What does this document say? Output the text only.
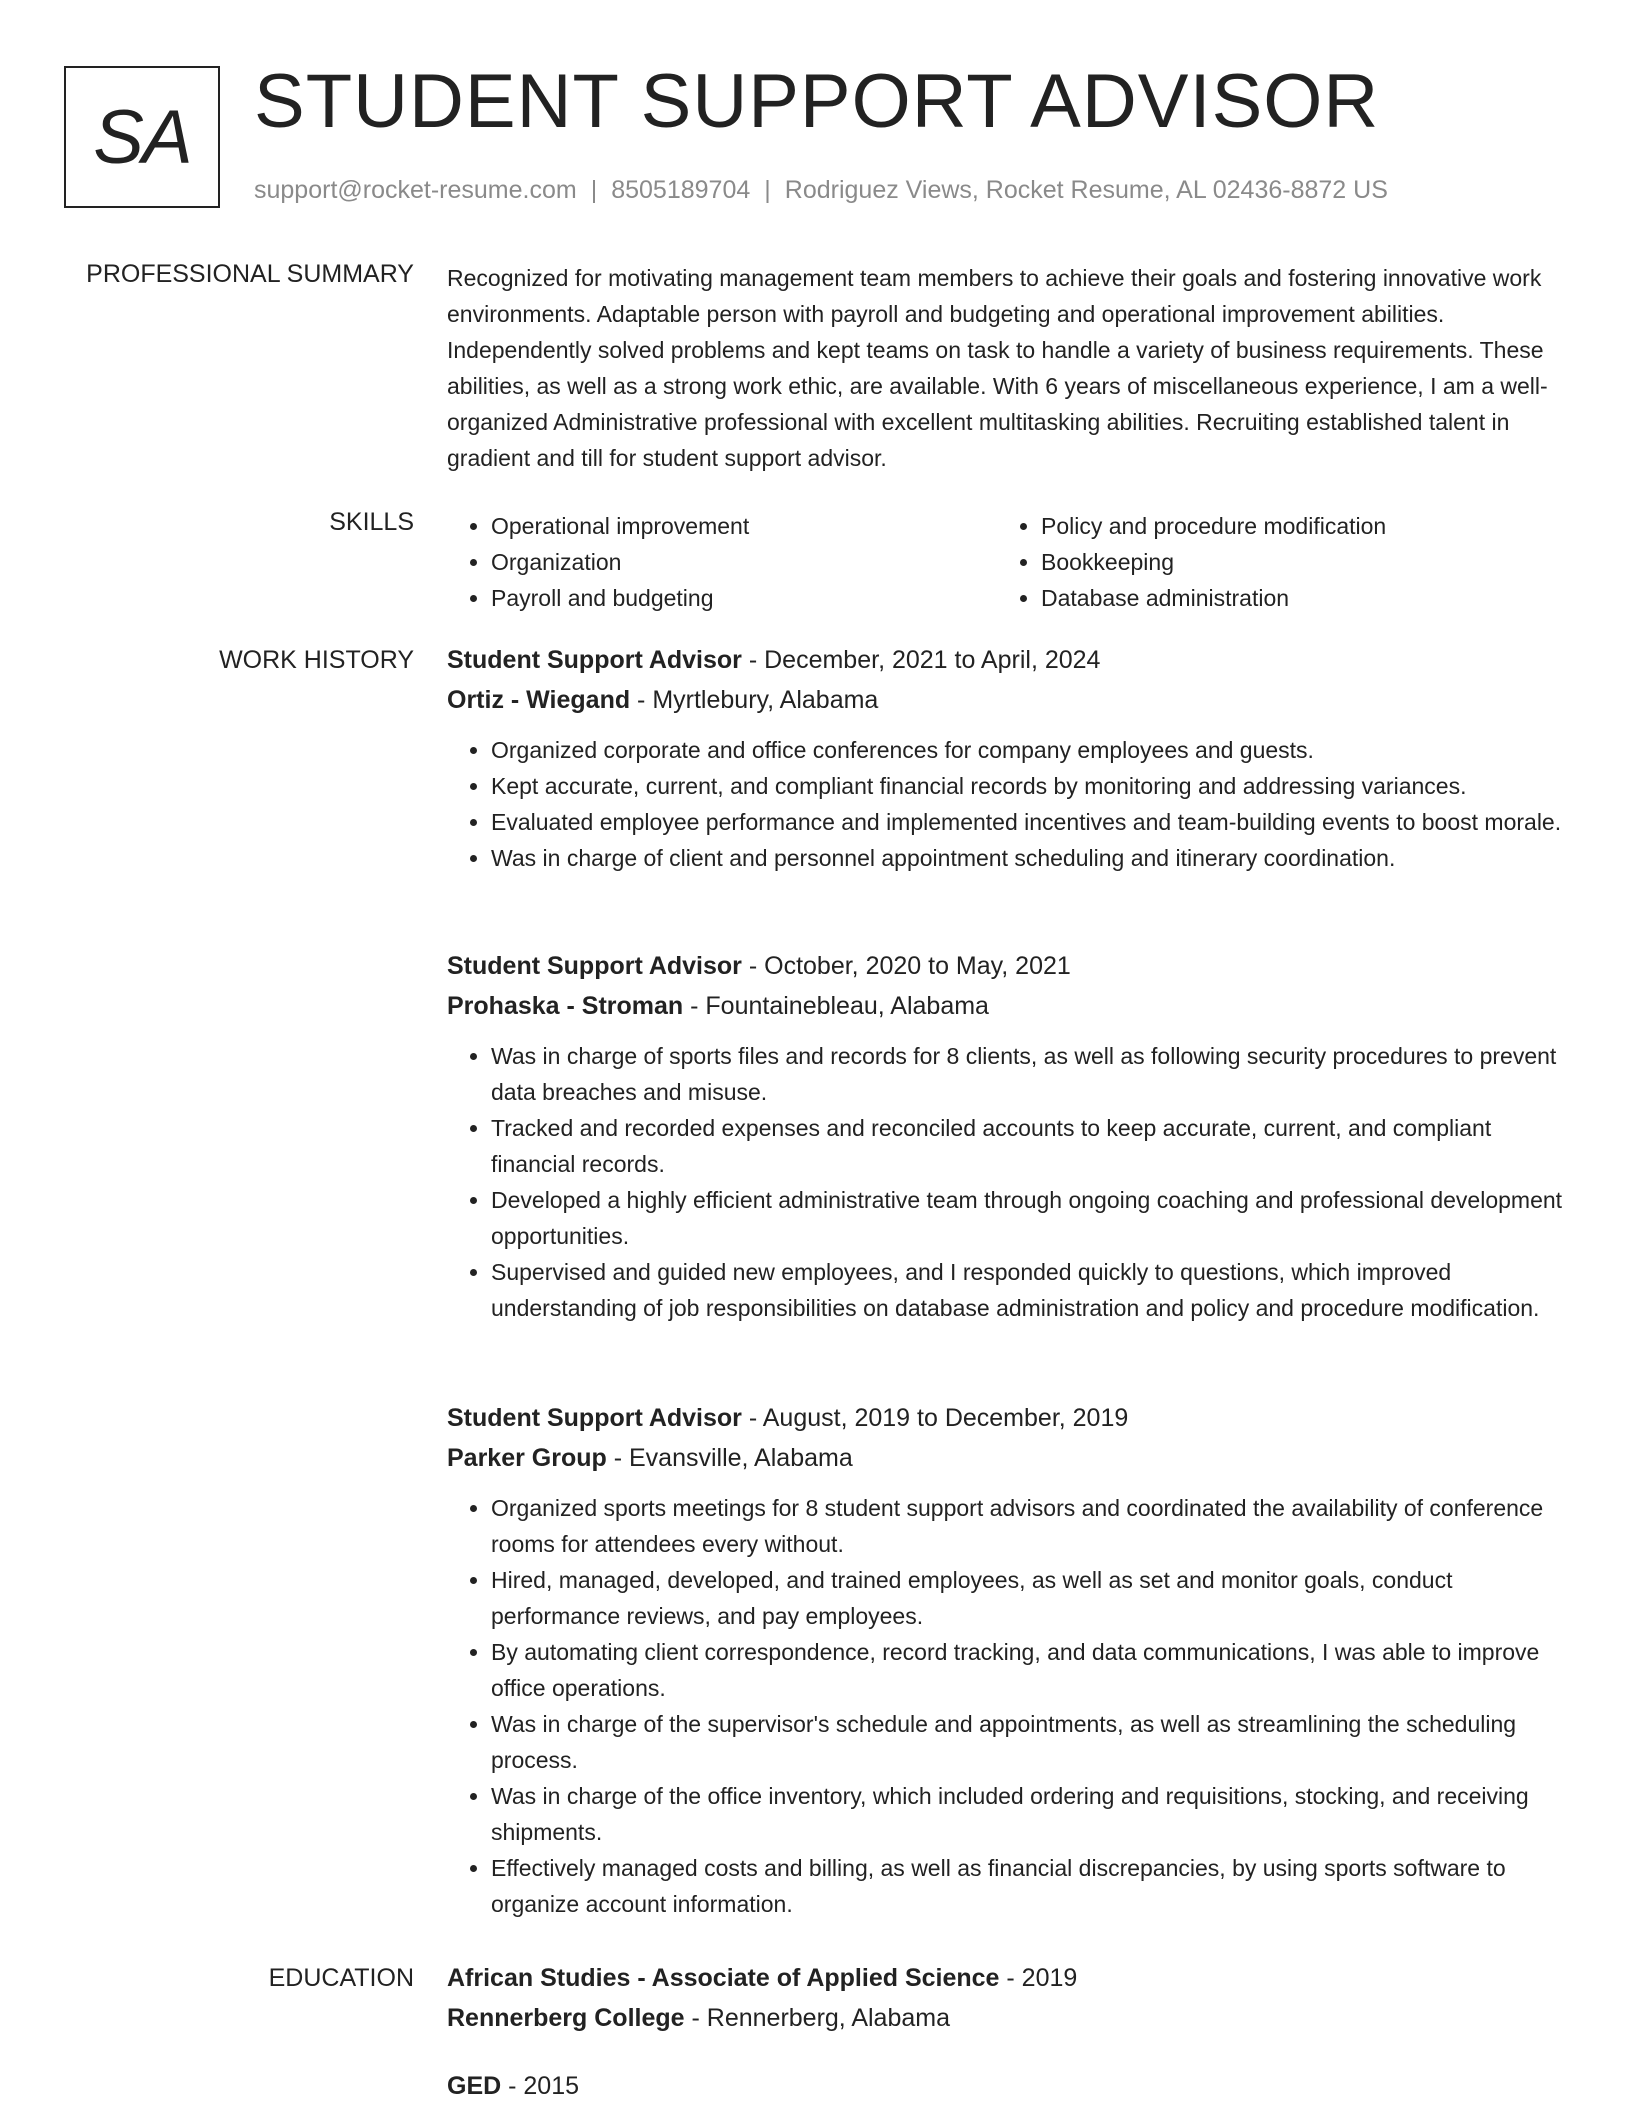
SA STUDENT SUPPORT ADVISOR
support@rocket-resume.com | 8505189704 | Rodriguez Views, Rocket Resume, AL 02436-8872 US
PROFESSIONAL SUMMARY Recognized for motivating management team members to achieve their goals and fostering innovative work environments. Adaptable person with payroll and budgeting and operational improvement abilities. Independently solved problems and kept teams on task to handle a variety of business requirements. These abilities, as well as a strong work ethic, are available. With 6 years of miscellaneous experience, I am a well-organized Administrative professional with excellent multitasking abilities. Recruiting established talent in gradient and till for student support advisor.

SKILLS
•	Operational improvement
• Organization
• Payroll and budgeting
• Policy and procedure modification
• Bookkeeping
• Database administration
WORK HISTORY Student Support Advisor - December, 2021 to April, 2024

Ortiz - Wiegand - Myrtlebury, Alabama

• Organized corporate and office conferences for company employees and guests.
• Kept accurate, current, and compliant financial records by monitoring and addressing variances.
• Evaluated employee performance and implemented incentives and team-building events to boost morale.
• Was in charge of client and personnel appointment scheduling and itinerary coordination.

Student Support Advisor - October, 2020 to May, 2021

Prohaska - Stroman - Fountainebleau, Alabama

• Was in charge of sports files and records for 8 clients, as well as following security procedures to prevent data breaches and misuse.
• Tracked and recorded expenses and reconciled accounts to keep accurate, current, and compliant financial records.
• Developed a highly efficient administrative team through ongoing coaching and professional development opportunities.
• Supervised and guided new employees, and I responded quickly to questions, which improved understanding of job responsibilities on database administration and policy and procedure modification.

Student Support Advisor - August, 2019 to December, 2019

Parker Group - Evansville, Alabama

• Organized sports meetings for 8 student support advisors and coordinated the availability of conference rooms for attendees every without.
• Hired, managed, developed, and trained employees, as well as set and monitor goals, conduct performance reviews, and pay employees.
• By automating client correspondence, record tracking, and data communications, I was able to improve office operations.
• Was in charge of the supervisor's schedule and appointments, as well as streamlining the scheduling process.
• Was in charge of the office inventory, which included ordering and requisitions, stocking, and receiving shipments.
• Effectively managed costs and billing, as well as financial discrepancies, by using sports software to organize account information.
EDUCATION African Studies - Associate of Applied Science - 2019

Rennerberg College - Rennerberg, Alabama

GED - 2015
